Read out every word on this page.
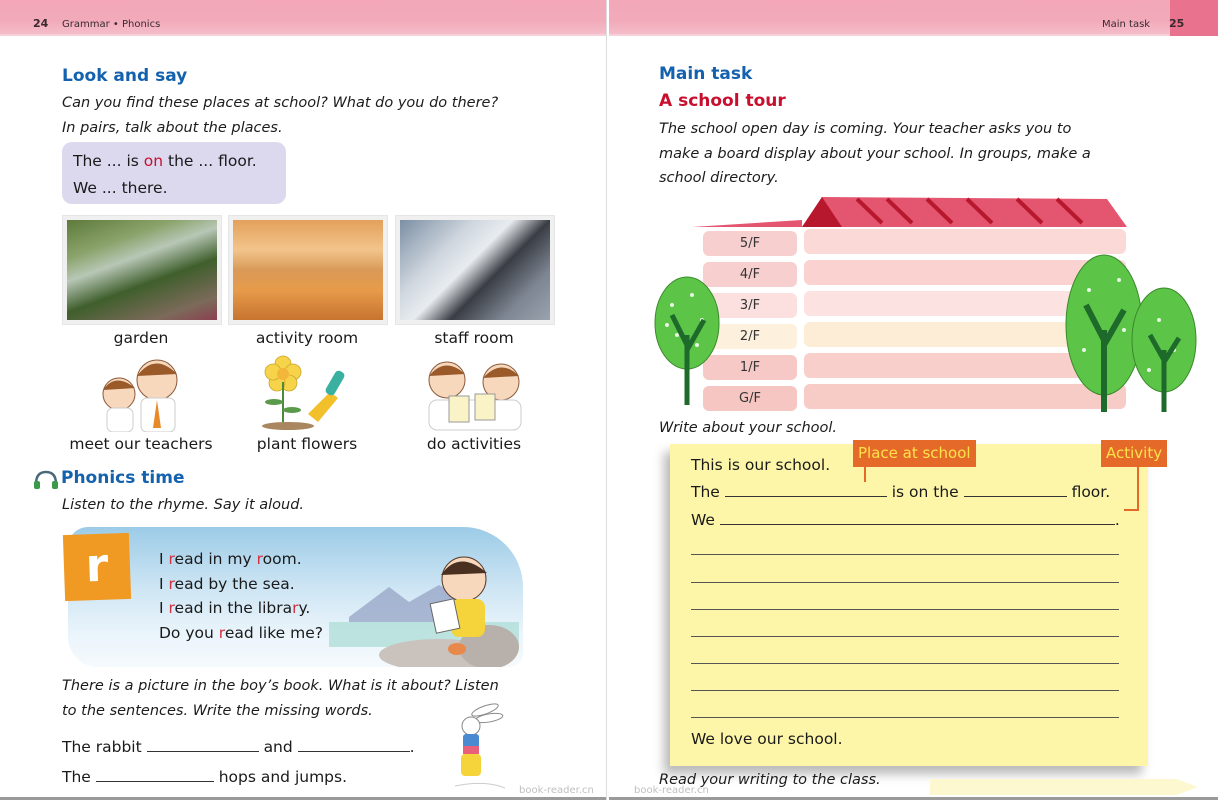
24 Grammar • Phonics
Look and say
Can you find these places at school? What do you do there?
In pairs, talk about the places.
The ... is on the ... floor.
We ... there.
garden	activity room	staff room
meet our teachers	plant flowers	do activities
Phonics time
Listen to the rhyme. Say it aloud.
r	I read in my room.
I read by the sea.
I read in the library.
Do you read like me?
There is a picture in the boy’s book. What is it about? Listen
to the sentences. Write the missing words.
The rabbit	and	.
The	hops and jumps.
book-reader.cn
Main task 25
book-reader.cn
Main task
A school tour
The school open day is coming. Your teacher asks you to
make a board display about your school. In groups, make a
school directory.
5/F
4/F
3/F
2/F
1/F
G/F
Write about your school.
This is our school.
The	is on the	floor.
We	.
We love our school.
Place at school	Activity
Read your writing to the class.
